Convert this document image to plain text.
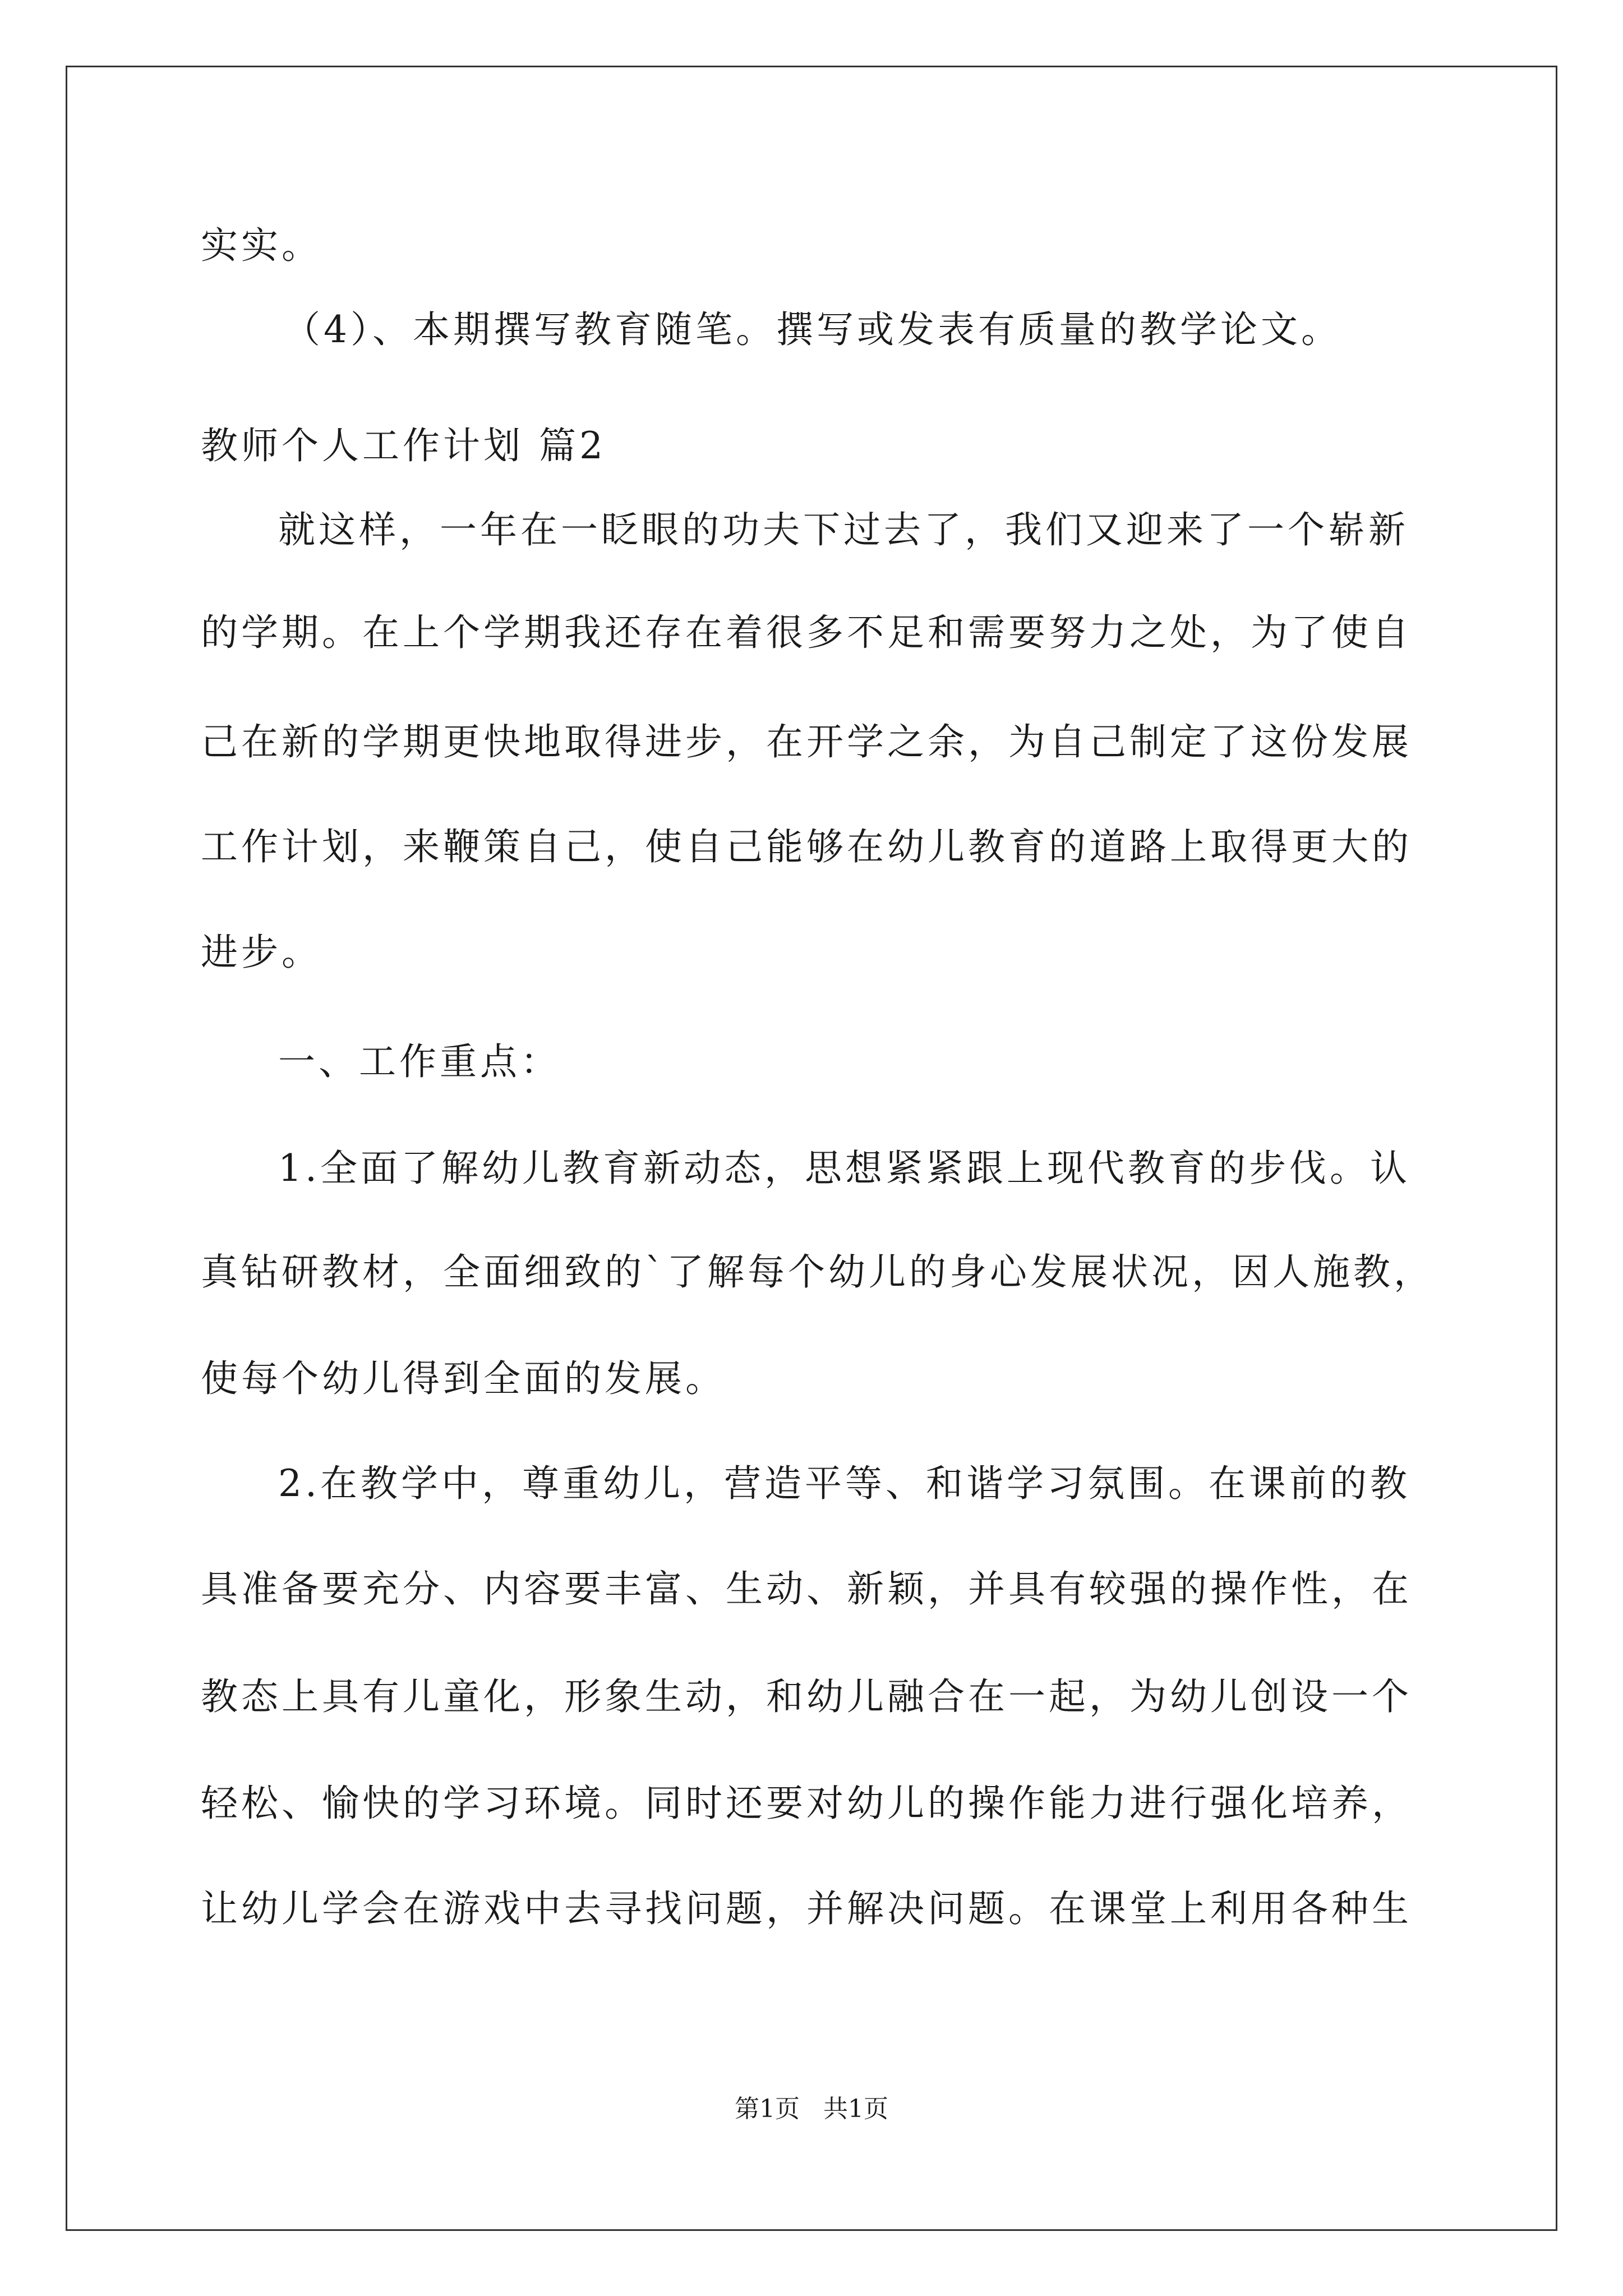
实实。
（4）、本期撰写教育随笔。撰写或发表有质量的教学论文。
教师个人工作计划 篇2
就这样，一年在一眨眼的功夫下过去了，我们又迎来了一个崭新
的学期。在上个学期我还存在着很多不足和需要努力之处，为了使自
己在新的学期更快地取得进步，在开学之余，为自己制定了这份发展
工作计划，来鞭策自己，使自己能够在幼儿教育的道路上取得更大的
进步。
一、工作重点：
1.全面了解幼儿教育新动态，思想紧紧跟上现代教育的步伐。认
真钻研教材，全面细致的`了解每个幼儿的身心发展状况，因人施教，
使每个幼儿得到全面的发展。
2.在教学中，尊重幼儿，营造平等、和谐学习氛围。在课前的教
具准备要充分、内容要丰富、生动、新颖，并具有较强的操作性，在
教态上具有儿童化，形象生动，和幼儿融合在一起，为幼儿创设一个
轻松、愉快的学习环境。同时还要对幼儿的操作能力进行强化培养，
让幼儿学会在游戏中去寻找问题，并解决问题。在课堂上利用各种生
第1页   共1页
